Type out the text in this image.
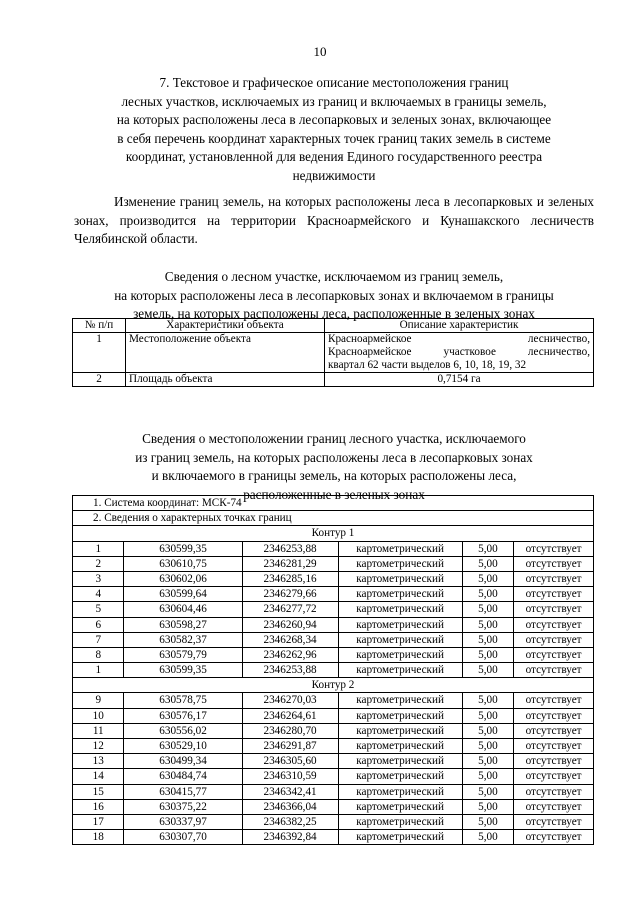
10
7. Текстовое и графическое описание местоположения границ
лесных участков, исключаемых из границ и включаемых в границы земель,
на которых расположены леса в лесопарковых и зеленых зонах, включающее
в себя перечень координат характерных точек границ таких земель в системе
координат, установленной для ведения Единого государственного реестра
недвижимости
Изменение границ земель, на которых расположены леса в лесопарковых и зеленых зонах, производится на территории Красноармейского и Кунашакского лесничеств Челябинской области.
Сведения о лесном участке, исключаемом из границ земель,
на которых расположены леса в лесопарковых зонах и включаемом в границы
земель, на которых расположены леса, расположенные в зеленых зонах
№ п/п	Характеристики объекта	Описание характеристик
1	Местоположение объекта	Красноармейское лесничество,
Красноармейское участковое лесничество,
квартал 62 части выделов 6, 10, 18, 19, 32

2	Площадь объекта	0,7154 га
Сведения о местоположении границ лесного участка, исключаемого
из границ земель, на которых расположены леса в лесопарковых зонах
и включаемого в границы земель, на которых расположены леса,
расположенные в зеленых зонах
1. Система координат: МСК-74					
2. Сведения о характерных точках границ					
Контур 1					
1	630599,35	2346253,88	картометрический	5,00	отсутствует
2	630610,75	2346281,29	картометрический	5,00	отсутствует
3	630602,06	2346285,16	картометрический	5,00	отсутствует
4	630599,64	2346279,66	картометрический	5,00	отсутствует
5	630604,46	2346277,72	картометрический	5,00	отсутствует
6	630598,27	2346260,94	картометрический	5,00	отсутствует
7	630582,37	2346268,34	картометрический	5,00	отсутствует
8	630579,79	2346262,96	картометрический	5,00	отсутствует
1	630599,35	2346253,88	картометрический	5,00	отсутствует
Контур 2					
9	630578,75	2346270,03	картометрический	5,00	отсутствует
10	630576,17	2346264,61	картометрический	5,00	отсутствует
11	630556,02	2346280,70	картометрический	5,00	отсутствует
12	630529,10	2346291,87	картометрический	5,00	отсутствует
13	630499,34	2346305,60	картометрический	5,00	отсутствует
14	630484,74	2346310,59	картометрический	5,00	отсутствует
15	630415,77	2346342,41	картометрический	5,00	отсутствует
16	630375,22	2346366,04	картометрический	5,00	отсутствует
17	630337,97	2346382,25	картометрический	5,00	отсутствует
18	630307,70	2346392,84	картометрический	5,00	отсутствует
